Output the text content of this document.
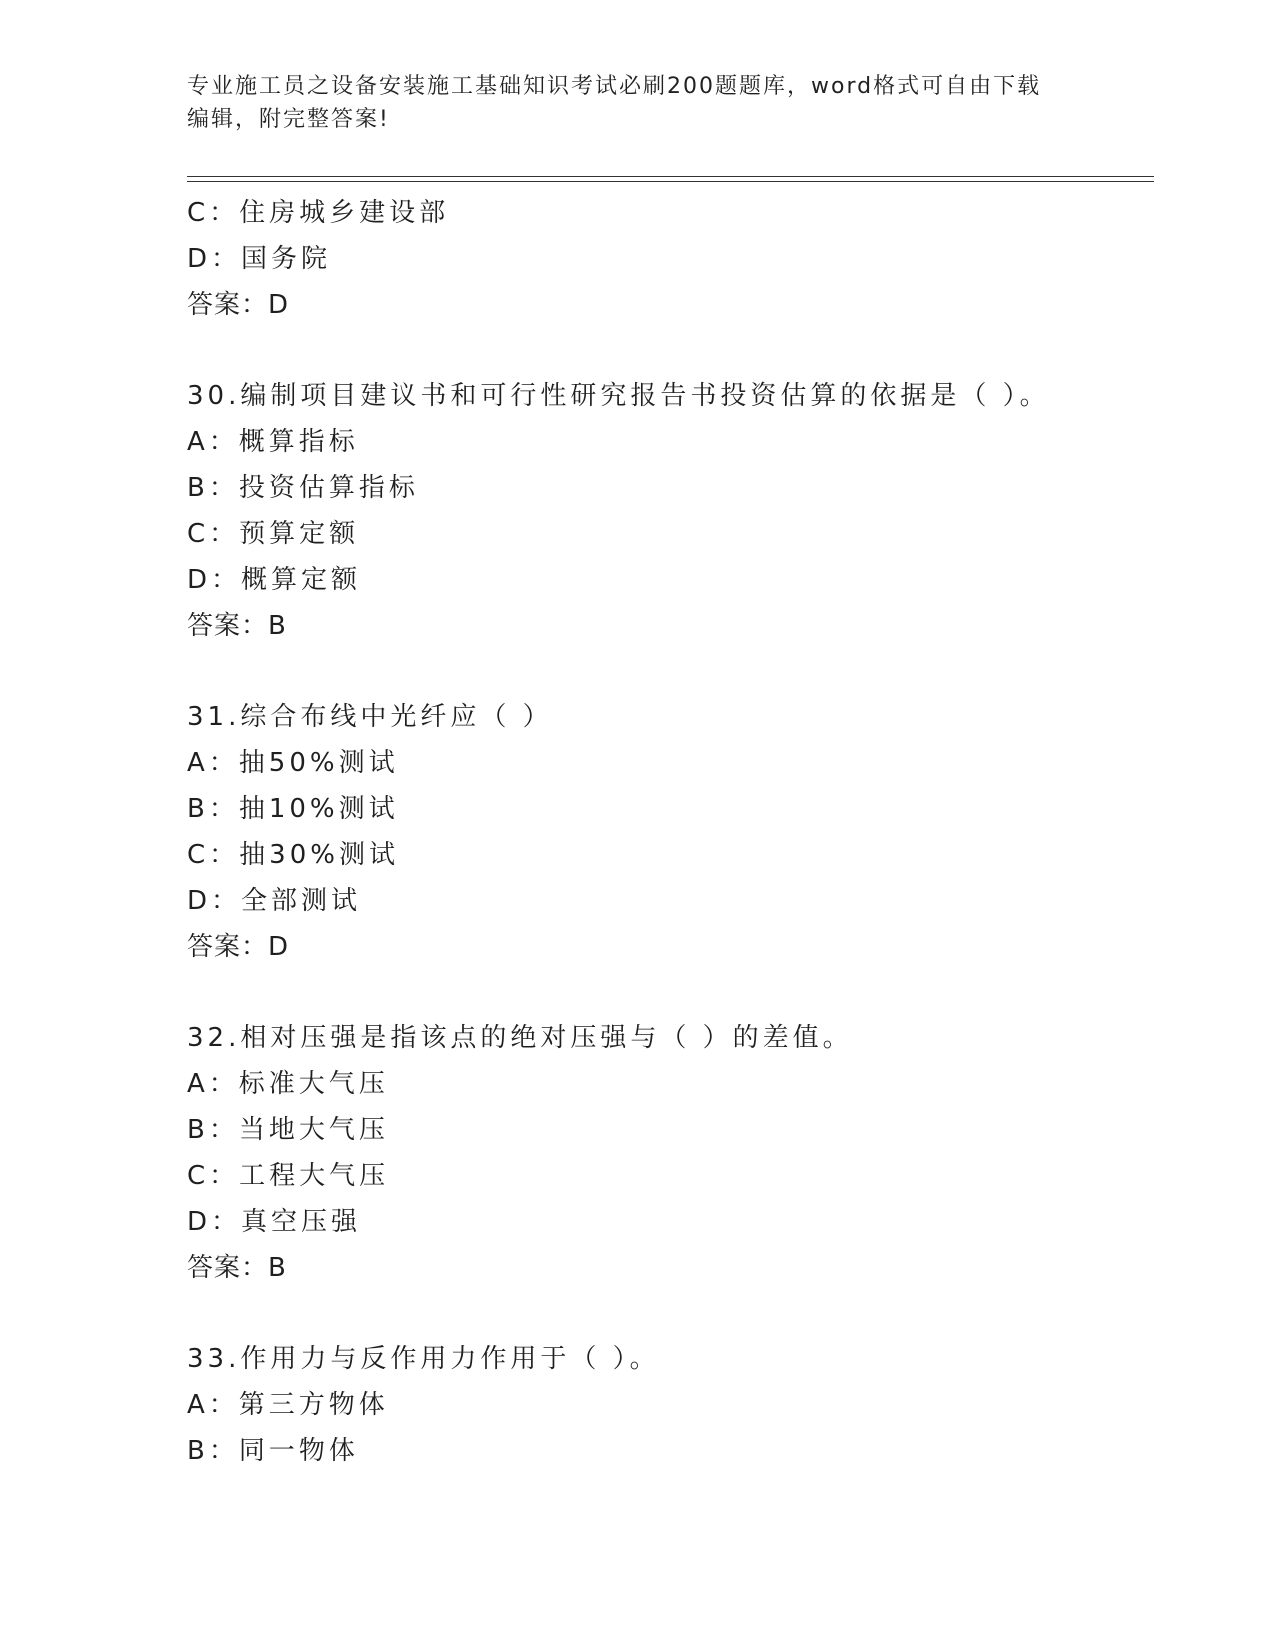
专业施工员之设备安装施工基础知识考试必刷200题题库，word格式可自由下载
编辑，附完整答案!
C：住房城乡建设部
D：国务院
答案：D
30.编制项目建议书和可行性研究报告书投资估算的依据是（ ）。
A：概算指标
B：投资估算指标
C：预算定额
D：概算定额
答案：B
31.综合布线中光纤应（ ）
A：抽50%测试
B：抽10%测试
C：抽30%测试
D：全部测试
答案：D
32.相对压强是指该点的绝对压强与（ ）的差值。
A：标准大气压
B：当地大气压
C：工程大气压
D：真空压强
答案：B
33.作用力与反作用力作用于（ ）。
A：第三方物体
B：同一物体
